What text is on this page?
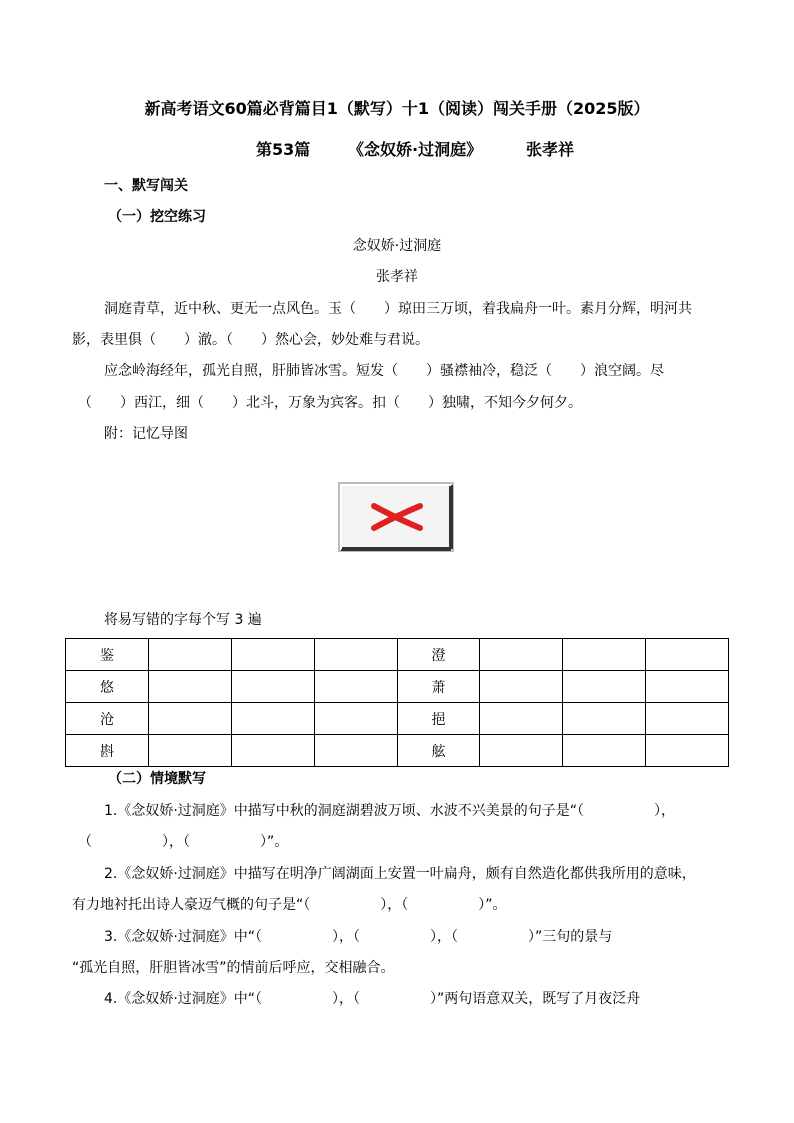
新高考语文60篇必背篇目1（默写）十1（阅读）闯关手册（2025版）
第53篇 《念奴娇·过洞庭》	张孝祥
一、默写闯关
（一）挖空练习
念奴娇·过洞庭
张孝祥
洞庭青草，近中秋、更无一点风色。玉（　　）琼田三万顷，着我扁舟一叶。素月分辉，明河共
影，表里俱（　　）澈。（　　）然心会，妙处难与君说。
应念岭海经年，孤光自照，肝肺皆冰雪。短发（　　）骚襟袖冷，稳泛（　　）浪空阔。尽
（　　）西江，细（　　）北斗，万象为宾客。扣（　　）独啸，不知今夕何夕。
附：记忆导图
将易写错的字每个写 3 遍
鉴				澄			
悠				萧			
沧				挹			
斟				舷			
（二）情境默写
1.《念奴娇·过洞庭》中描写中秋的洞庭湖碧波万顷、水波不兴美景的句子是“（　　　　　），
（　　　　　），（　　　　　）”。
2.《念奴娇·过洞庭》中描写在明净广阔湖面上安置一叶扁舟，颇有自然造化都供我所用的意味，
有力地衬托出诗人豪迈气概的句子是“（　　　　　），（　　　　　）”。
3.《念奴娇·过洞庭》中“（　　　　　），（　　　　　），（　　　　　）”三句的景与
“孤光自照，肝胆皆冰雪”的情前后呼应，交相融合。
4.《念奴娇·过洞庭》中“（　　　　　），（　　　　　）”两句语意双关，既写了月夜泛舟
